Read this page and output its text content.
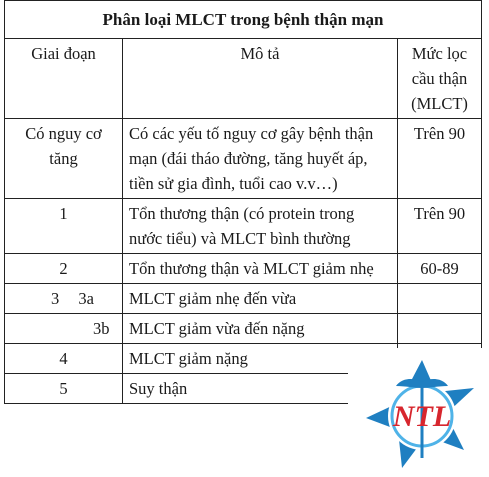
Phân loại MLCT trong bệnh thận mạn		
Giai đoạn	Mô tả	Mức lọc cầu thận (MLCT)
Có nguy cơ tăng	Có các yếu tố nguy cơ gây bệnh thận mạn (đái tháo đường, tăng huyết áp, tiền sử gia đình, tuổi cao v.v…)	Trên 90
1	Tổn thương thận (có protein trong nước tiểu) và MLCT bình thường	Trên 90
2	Tổn thương thận và MLCT giảm nhẹ	60-89

3 3a	MLCT giảm nhẹ đến vừa	
3b	MLCT giảm vừa đến nặng	
4	MLCT giảm nặng	
5	Suy thận	
NTL
